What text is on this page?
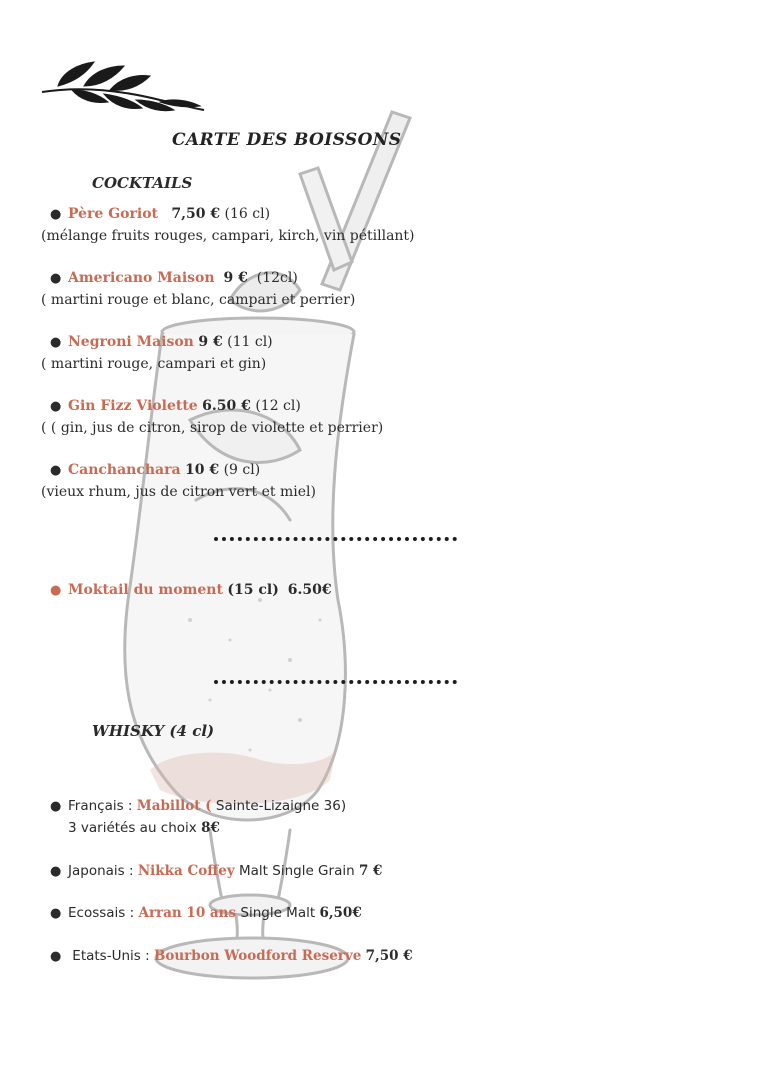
CARTE DES BOISSONS
COCKTAILS
● Père Goriot 7,50 € (16 cl)
(mélange fruits rouges, campari, kirch, vin pétillant)
● Americano Maison 9 € (12cl)
( martini rouge et blanc, campari et perrier)
● Negroni Maison 9 € (11 cl)
( martini rouge, campari et gin)
● Gin Fizz Violette 6.50 € (12 cl)
( ( gin, jus de citron, sirop de violette et perrier)
● Canchanchara 10 € (9 cl)
(vieux rhum, jus de citron vert et miel)
● Moktail du moment (15 cl) 6.50€
WHISKY (4 cl)
● Français : Mabillot ( Sainte-Lizaigne 36)
3 variétés au choix 8€
● Japonais : Nikka Coffey Malt Single Grain 7 €
● Ecossais : Arran 10 ans Single Malt 6,50€
● Etats-Unis : Bourbon Woodford Reserve 7,50 €
